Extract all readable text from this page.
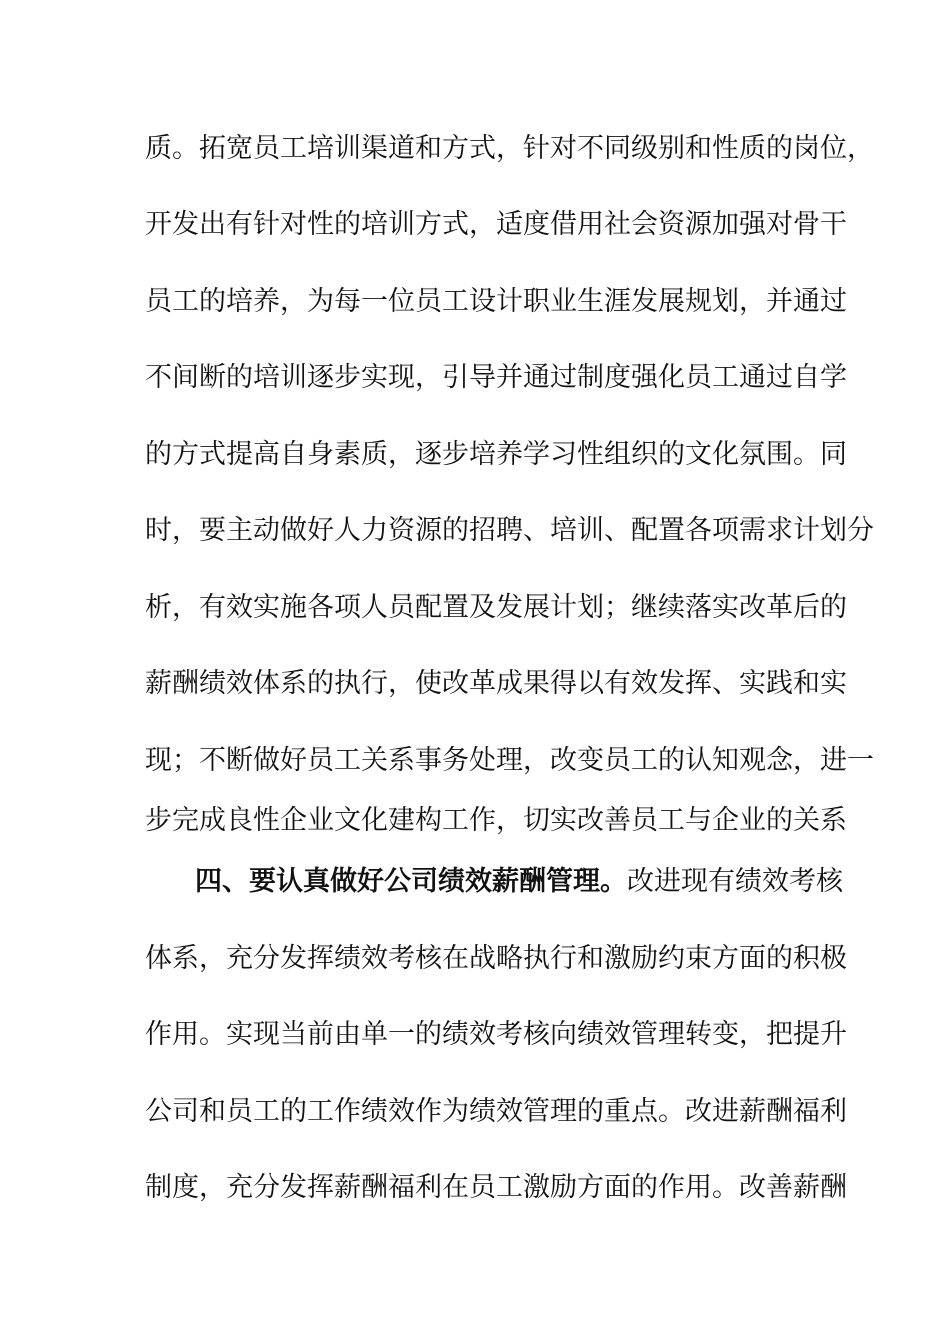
质。拓宽员工培训渠道和方式，针对不同级别和性质的岗位，
开发出有针对性的培训方式，适度借用社会资源加强对骨干
员工的培养，为每一位员工设计职业生涯发展规划，并通过
不间断的培训逐步实现，引导并通过制度强化员工通过自学
的方式提高自身素质，逐步培养学习性组织的文化氛围。同
时，要主动做好人力资源的招聘、培训、配置各项需求计划分
析，有效实施各项人员配置及发展计划；继续落实改革后的
薪酬绩效体系的执行，使改革成果得以有效发挥、实践和实
现；不断做好员工关系事务处理，改变员工的认知观念，进一
步完成良性企业文化建构工作，切实改善员工与企业的关系
四、要认真做好公司绩效薪酬管理。改进现有绩效考核
体系，充分发挥绩效考核在战略执行和激励约束方面的积极
作用。实现当前由单一的绩效考核向绩效管理转变，把提升
公司和员工的工作绩效作为绩效管理的重点。改进薪酬福利
制度，充分发挥薪酬福利在员工激励方面的作用。改善薪酬
